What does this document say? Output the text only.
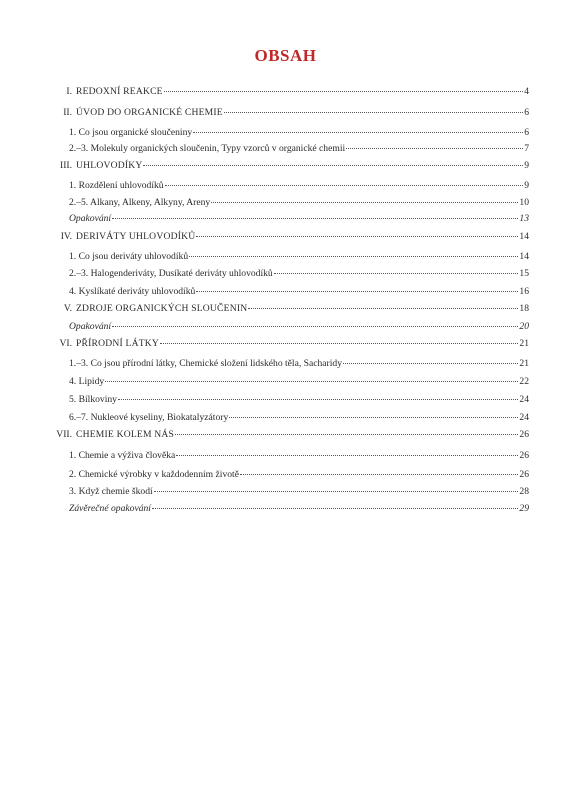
OBSAH
I. REDOXNÍ REAKCE	4
II. ÚVOD DO ORGANICKÉ CHEMIE	6
1. Co jsou organické sloučeniny	6
2.–3. Molekuly organických sloučenin, Typy vzorců v organické chemii	7
III. UHLOVODÍKY	9
1. Rozdělení uhlovodíků	9
2.–5. Alkany, Alkeny, Alkyny, Areny	10
Opakování	13
IV. DERIVÁTY UHLOVODÍKŮ	14
1. Co jsou deriváty uhlovodíků	14
2.–3. Halogenderiváty, Dusíkaté deriváty uhlovodíků	15
4. Kyslíkaté deriváty uhlovodíků	16
V. ZDROJE ORGANICKÝCH SLOUČENIN	18
Opakování	20
VI. PŘÍRODNÍ LÁTKY	21
1.–3. Co jsou přírodní látky, Chemické složení lidského těla, Sacharidy	21
4. Lipidy	22
5. Bílkoviny	24
6.–7. Nukleové kyseliny, Biokatalyzátory	24
VII. CHEMIE KOLEM NÁS	26
1. Chemie a výživa člověka	26
2. Chemické výrobky v každodenním životě	26
3. Když chemie škodí	28
Závěrečné opakování	29
